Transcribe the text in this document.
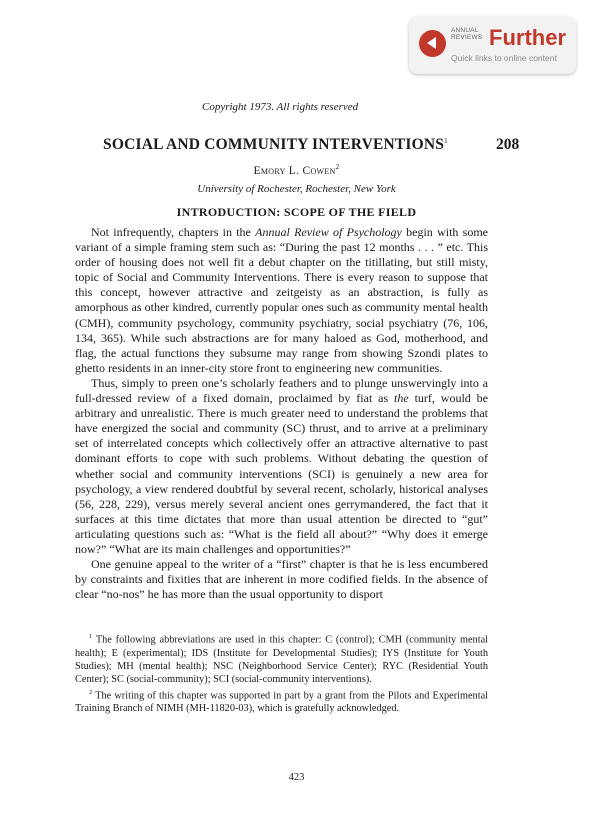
ANNUAL
REVIEWS Further
Quick links to online content
Copyright 1973. All rights reserved
SOCIAL AND COMMUNITY INTERVENTIONS$^1$	208
Emory L. Cowen$^2$
University of Rochester, Rochester, New York
INTRODUCTION: SCOPE OF THE FIELD

Not infrequently, chapters in the Annual Review of Psychology begin with some variant of a simple framing stem such as: “During the past 12 months . . . ” etc. This order of housing does not well fit a debut chapter on the titillating, but still misty, topic of Social and Community Interventions. There is every reason to suppose that this concept, however attractive and zeitgeisty as an abstraction, is fully as amorphous as other kindred, currently popular ones such as community mental health (CMH), community psychology, community psychiatry, social psychiatry (76, 106, 134, 365). While such abstractions are for many haloed as God, motherhood, and flag, the actual functions they subsume may range from showing Szondi plates to ghetto residents in an inner-city store front to engineering new communities.

Thus, simply to preen one’s scholarly feathers and to plunge unswervingly into a full-dressed review of a fixed domain, proclaimed by fiat as the turf, would be arbitrary and unrealistic. There is much greater need to understand the problems that have energized the social and community (SC) thrust, and to arrive at a preliminary set of interrelated concepts which collectively offer an attractive alternative to past dominant efforts to cope with such problems. Without debating the question of whether social and community interventions (SCI) is genuinely a new area for psychology, a view rendered doubtful by several recent, scholarly, historical analyses (56, 228, 229), versus merely several ancient ones gerrymandered, the fact that it surfaces at this time dictates that more than usual attention be directed to “gut” articulating questions such as: “What is the field all about?” “Why does it emerge now?” “What are its main challenges and opportunities?”

One genuine appeal to the writer of a “first” chapter is that he is less encumbered by constraints and fixities that are inherent in more codified fields. In the absence of clear “no-nos” he has more than the usual opportunity to disport

$^1$ The following abbreviations are used in this chapter: C (control); CMH (community mental health); E (experimental); IDS (Institute for Developmental Studies); IYS (Institute for Youth Studies); MH (mental health); NSC (Neighborhood Service Center); RYC (Residential Youth Center); SC (social-community); SCI (social-community interventions).

$^2$ The writing of this chapter was supported in part by a grant from the Pilots and Experimental Training Branch of NIMH (MH-11820-03), which is gratefully acknowledged.

423
